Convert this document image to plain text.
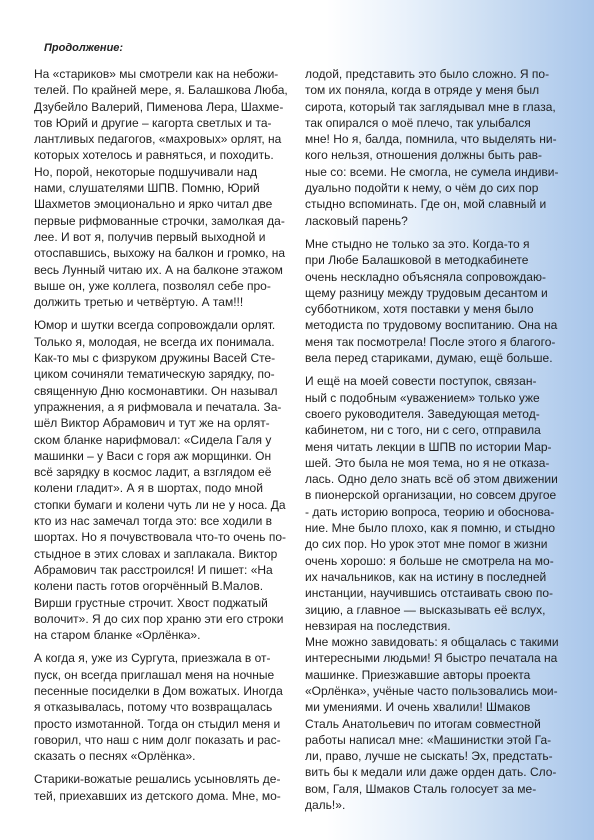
Продолжение:

На «стариков» мы смотрели как на небожи-
телей. По крайней мере, я. Балашкова Люба,
Дзубейло Валерий, Пименова Лера, Шахме-
тов Юрий и другие – кагорта светлых и та-
лантливых педагогов, «махровых» орлят, на
которых хотелось и равняться, и походить.
Но, порой, некоторые подшучивали над
нами, слушателями ШПВ. Помню, Юрий
Шахметов эмоционально и ярко читал две
первые рифмованные строчки, замолкая да-
лее. И вот я, получив первый выходной и
отоспавшись, выхожу на балкон и громко, на
весь Лунный читаю их. А на балконе этажом
выше он, уже коллега, позволял себе про-
должить третью и четвёртую. А там!!!

Юмор и шутки всегда сопровождали орлят.
Только я, молодая, не всегда их понимала.
Как-то мы с физруком дружины Васей Сте-
циком сочиняли тематическую зарядку, по-
священную Дню космонавтики. Он называл
упражнения, а я рифмовала и печатала. За-
шёл Виктор Абрамович и тут же на орлят-
ском бланке нарифмовал: «Сидела Галя у
машинки – у Васи с горя аж морщинки. Он
всё зарядку в космос ладит, а взглядом её
колени гладит». А я в шортах, подо мной
стопки бумаги и колени чуть ли не у носа. Да
кто из нас замечал тогда это: все ходили в
шортах. Но я почувствовала что-то очень по-
стыдное в этих словах и заплакала. Виктор
Абрамович так расстроился! И пишет: «На
колени пасть готов огорчённый В.Малов.
Вирши грустные строчит. Хвост поджатый
волочит». Я до сих пор храню эти его строки
на старом бланке «Орлёнка».

А когда я, уже из Сургута, приезжала в от-
пуск, он всегда приглашал меня на ночные
песенные посиделки в Дом вожатых. Иногда
я отказывалась, потому что возвращалась
просто измотанной. Тогда он стыдил меня и
говорил, что наш с ним долг показать и рас-
сказать о песнях «Орлёнка».

Старики-вожатые решались усыновлять де-
тей, приехавших из детского дома. Мне, мо-

лодой, представить это было сложно. Я по-
том их поняла, когда в отряде у меня был
сирота, который так заглядывал мне в глаза,
так опирался о моё плечо, так улыбался
мне! Но я, балда, помнила, что выделять ни-
кого нельзя, отношения должны быть рав-
ные со: всеми. Не смогла, не сумела индиви-
дуально подойти к нему, о чём до сих пор
стыдно вспоминать. Где он, мой славный и
ласковый парень?

Мне стыдно не только за это. Когда-то я
при Любе Балашковой в методкабинете
очень нескладно объясняла сопровождаю-
щему разницу между трудовым десантом и
субботником, хотя поставки у меня было
методиста по трудовому воспитанию. Она на
меня так посмотрела! После этого я благого-
вела перед стариками, думаю, ещё больше.

И ещё на моей совести поступок, связан-
ный с подобным «уважением» только уже
своего руководителя. Заведующая метод-
кабинетом, ни с того, ни с сего, отправила
меня читать лекции в ШПВ по истории Мар-
шей. Это была не моя тема, но я не отказа-
лась. Одно дело знать всё об этом движении
в пионерской организации, но совсем другое
- дать историю вопроса, теорию и обоснова-
ние. Мне было плохо, как я помню, и стыдно
до сих пор. Но урок этот мне помог в жизни
очень хорошо: я больше не смотрела на мо-
их начальников, как на истину в последней
инстанции, научившись отстаивать свою по-
зицию, а главное — высказывать её вслух,
невзирая на последствия.

Мне можно завидовать: я общалась с такими
интересными людьми! Я быстро печатала на
машинке. Приезжавшие авторы проекта
«Орлёнка», учёные часто пользовались мои-
ми умениями. И очень хвалили! Шмаков
Сталь Анатольевич по итогам совместной
работы написал мне: «Машинистки этой Га-
ли, право, лучше не сыскать! Эх, предстать-
вить бы к медали или даже орден дать. Сло-
вом, Галя, Шмаков Сталь голосует за ме-
даль!».
